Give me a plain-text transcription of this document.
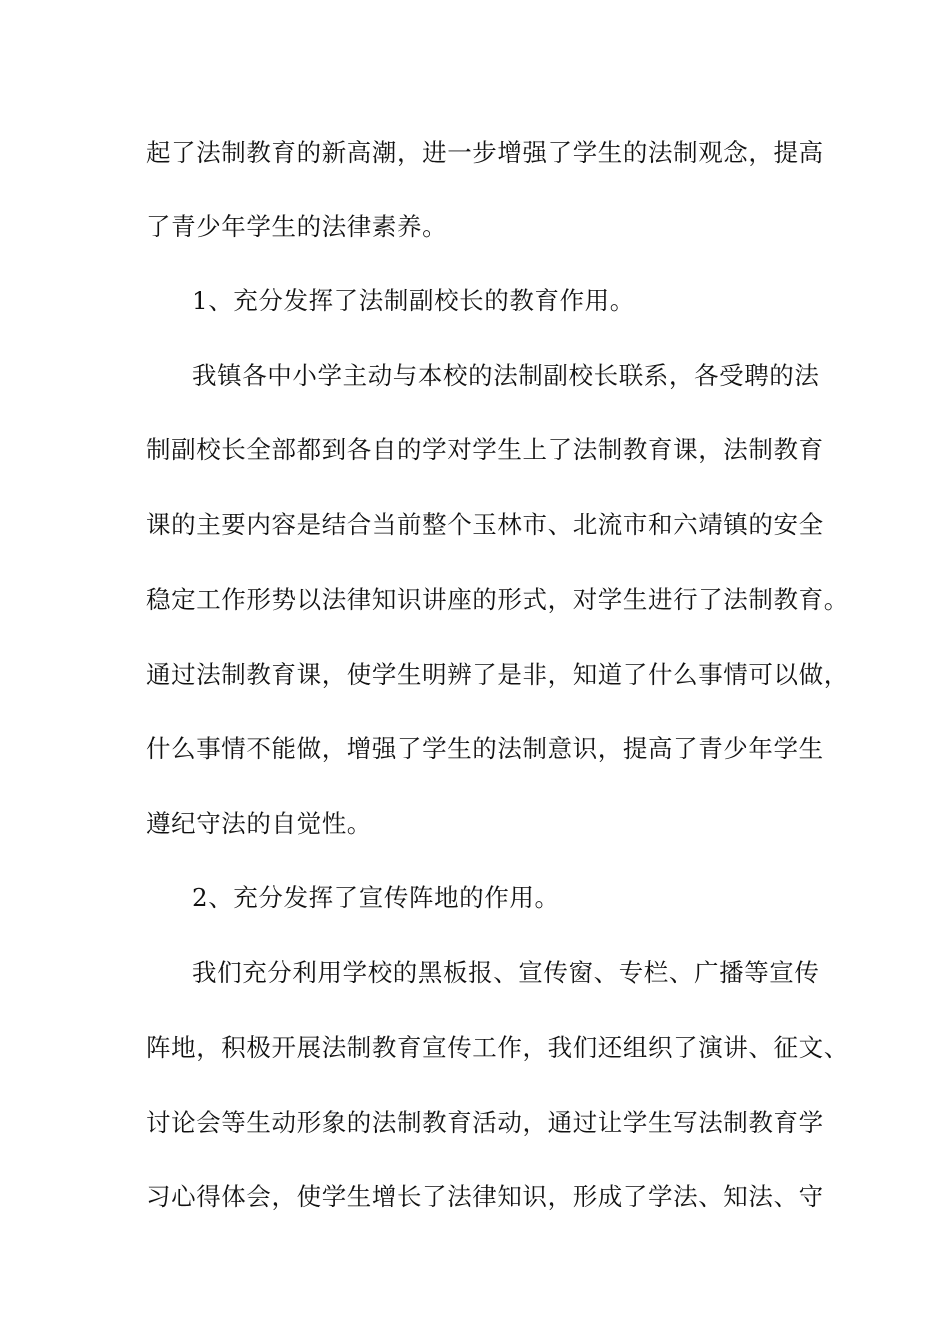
起了法制教育的新高潮，进一步增强了学生的法制观念，提高
了青少年学生的法律素养。
1、充分发挥了法制副校长的教育作用。
我镇各中小学主动与本校的法制副校长联系，各受聘的法
制副校长全部都到各自的学对学生上了法制教育课，法制教育
课的主要内容是结合当前整个玉林市、北流市和六靖镇的安全
稳定工作形势以法律知识讲座的形式，对学生进行了法制教育。
通过法制教育课，使学生明辨了是非，知道了什么事情可以做，
什么事情不能做，增强了学生的法制意识，提高了青少年学生
遵纪守法的自觉性。
2、充分发挥了宣传阵地的作用。
我们充分利用学校的黑板报、宣传窗、专栏、广播等宣传
阵地，积极开展法制教育宣传工作，我们还组织了演讲、征文、
讨论会等生动形象的法制教育活动，通过让学生写法制教育学
习心得体会，使学生增长了法律知识，形成了学法、知法、守
